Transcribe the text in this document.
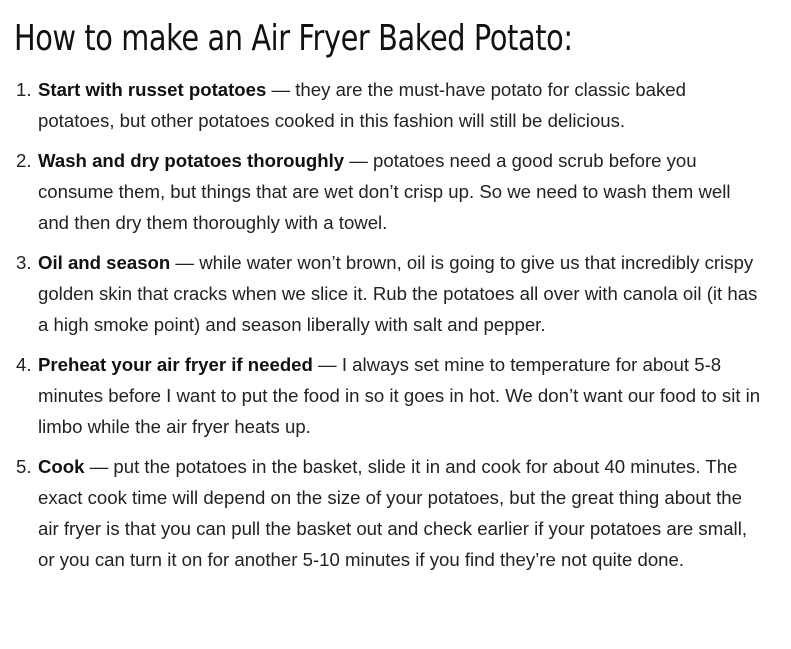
How to make an Air Fryer Baked Potato:
1. Start with russet potatoes — they are the must-have potato for classic baked potatoes, but other potatoes cooked in this fashion will still be delicious.
2. Wash and dry potatoes thoroughly — potatoes need a good scrub before you consume them, but things that are wet don’t crisp up. So we need to wash them well and then dry them thoroughly with a towel.
3. Oil and season — while water won’t brown, oil is going to give us that incredibly crispy golden skin that cracks when we slice it. Rub the potatoes all over with canola oil (it has a high smoke point) and season liberally with salt and pepper.
4. Preheat your air fryer if needed — I always set mine to temperature for about 5-8 minutes before I want to put the food in so it goes in hot. We don’t want our food to sit in limbo while the air fryer heats up.
5. Cook — put the potatoes in the basket, slide it in and cook for about 40 minutes. The exact cook time will depend on the size of your potatoes, but the great thing about the air fryer is that you can pull the basket out and check earlier if your potatoes are small, or you can turn it on for another 5-10 minutes if you find they’re not quite done.
